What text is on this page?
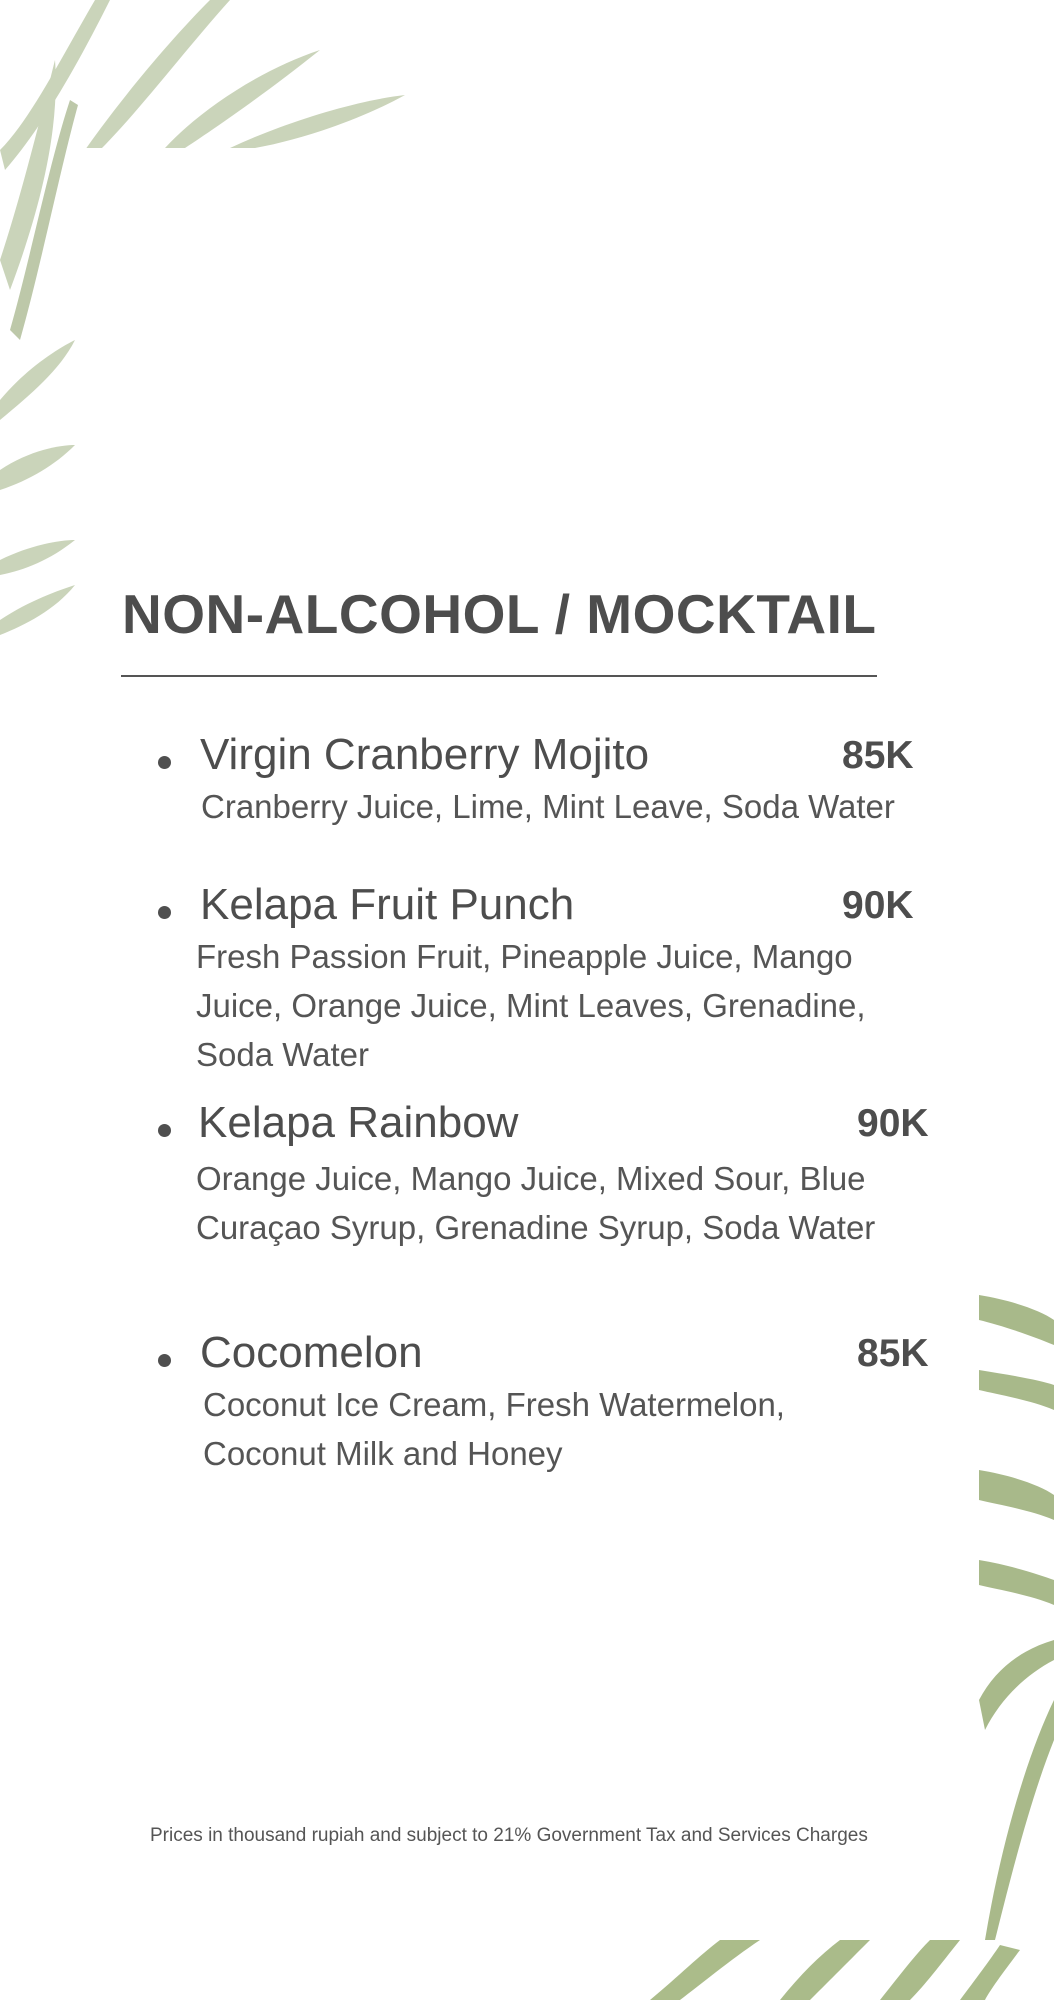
NON-ALCOHOL / MOCKTAIL
Virgin Cranberry Mojito	85K
Cranberry Juice, Lime, Mint Leave, Soda Water
Kelapa Fruit Punch	90K
Fresh Passion Fruit, Pineapple Juice, Mango Juice, Orange Juice, Mint Leaves, Grenadine, Soda Water
Kelapa Rainbow	90K
Orange Juice, Mango Juice, Mixed Sour, Blue Curaçao Syrup, Grenadine Syrup, Soda Water
Cocomelon	85K
Coconut Ice Cream, Fresh Watermelon, Coconut Milk and Honey
Prices in thousand rupiah and subject to 21% Government Tax and Services Charges
